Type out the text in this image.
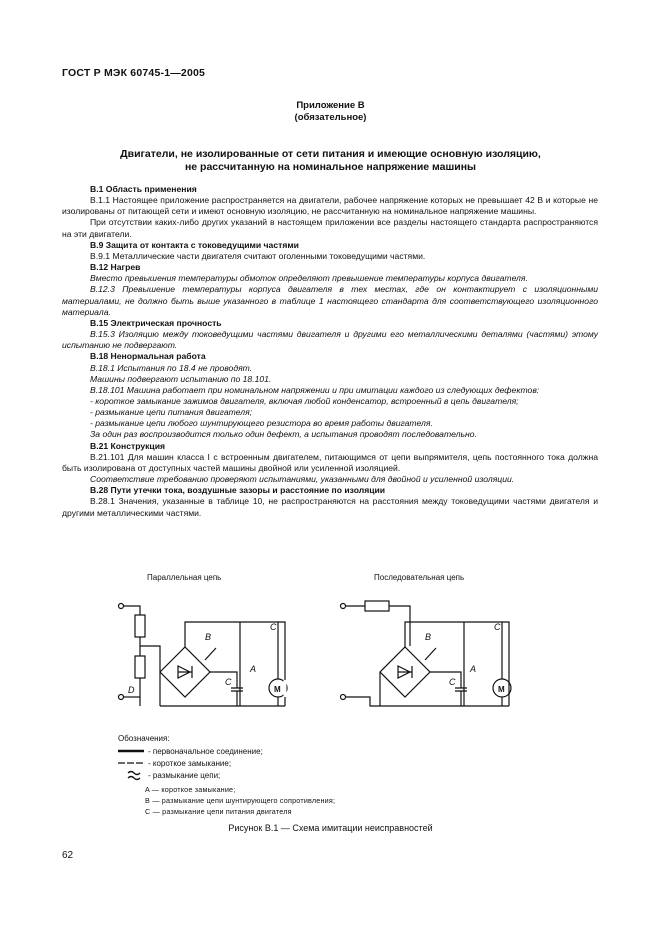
ГОСТ Р МЭК 60745-1—2005
Приложение В
(обязательное)
Двигатели, не изолированные от сети питания и имеющие основную изоляцию,
не рассчитанную на номинальное напряжение машины

В.1 Область применения

В.1.1 Настоящее приложение распространяется на двигатели, рабочее напряжение которых не превышает 42 В и которые не изолированы от питающей сети и имеют основную изоляцию, не рассчитанную на номинальное напряжение машины.

При отсутствии каких-либо других указаний в настоящем приложении все разделы настоящего стандарта распространяются на эти двигатели.

В.9 Защита от контакта с токоведущими частями

В.9.1 Металлические части двигателя считают оголенными токоведущими частями.

В.12 Нагрев

Вместо превышения температуры обмоток определяют превышение температуры корпуса двигателя.

В.12.3 Превышение температуры корпуса двигателя в тех местах, где он контактирует с изоляционными материалами, не должно быть выше указанного в таблице 1 настоящего стандарта для соответствующего изоляционного материала.

В.15 Электрическая прочность

В.15.3 Изоляцию между токоведущими частями двигателя и другими его металлическими деталями (частями) этому испытанию не подвергают.

В.18 Ненормальная работа

В.18.1 Испытания по 18.4 не проводят.

Машины подвергают испытанию по 18.101.

В.18.101 Машина работает при номинальном напряжении и при имитации каждого из следующих дефектов:

- короткое замыкание зажимов двигателя, включая любой конденсатор, встроенный в цепь двигателя;

- размыкание цепи питания двигателя;

- размыкание цепи любого шунтирующего резистора во время работы двигателя.

За один раз воспроизводится только один дефект, а испытания проводят последовательно.

В.21 Конструкция

В.21.101 Для машин класса I с встроенным двигателем, питающимся от цепи выпрямителя, цепь постоянного тока должна быть изолирована от доступных частей машины двойной или усиленной изоляцией.

Соответствие требованию проверяют испытаниями, указанными для двойной и усиленной изоляции.

В.28 Пути утечки тока, воздушные зазоры и расстояние по изоляции

В.28.1 Значения, указанные в таблице 10, не распространяются на расстояния между токоведущими частями двигателя и другими металлическими частями.

Параллельная цепь	Последовательная цепь
B
C
A
C
D	M
B
C
A
C
M
Обозначения:
- первоначальное соединение;
- короткое замыкание;
- размыкание цепи;
A — короткое замыкание;
B — размыкание цепи шунтирующего сопротивления;
C — размыкание цепи питания двигателя
Рисунок В.1 — Схема имитации неисправностей
62
